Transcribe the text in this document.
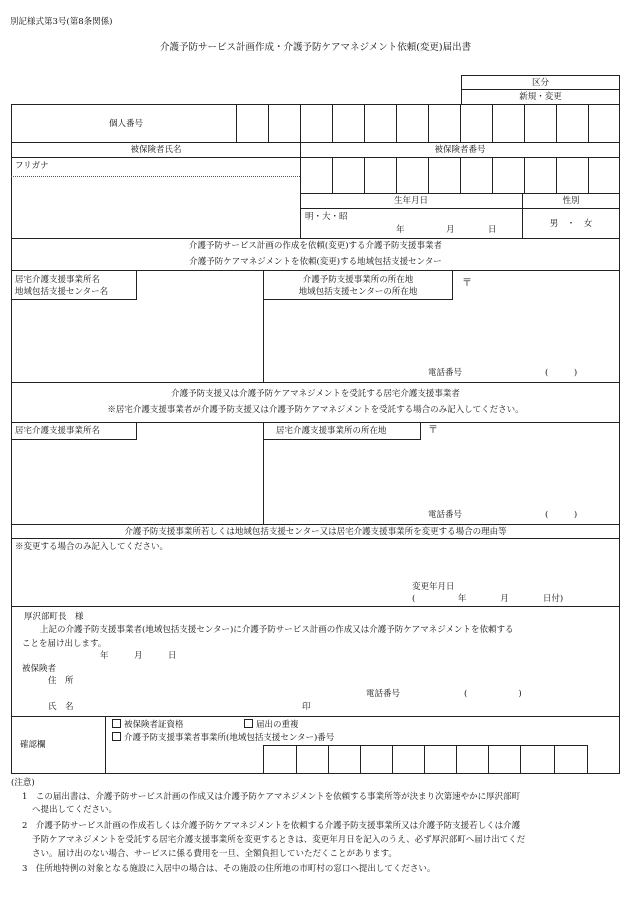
別記様式第3号(第8条関係)
介護予防サービス計画作成・介護予防ケアマネジメント依頼(変更)届出書
区分
新規・変更
個人番号
被保険者氏名	被保険者番号
フリガナ
生年月日	性別
明・大・昭
年	月	日
男　・　女
介護予防サービス計画の作成を依頼(変更)する介護予防支援事業者
介護予防ケアマネジメントを依頼(変更)する地域包括支援センター
居宅介護支援事業所名
地域包括支援センター名
介護予防支援事業所の所在地
地域包括支援センターの所在地
〒
電話番号	(　　　)
介護予防支援又は介護予防ケアマネジメントを受託する居宅介護支援事業者
※居宅介護支援事業者が介護予防支援又は介護予防ケアマネジメントを受託する場合のみ記入してください。
居宅介護支援事業所名	居宅介護支援事業所の所在地	〒
電話番号	(　　　)
介護予防支援事業所若しくは地域包括支援センター又は居宅介護支援事業所を変更する場合の理由等
※変更する場合のみ記入してください。
変更年月日
(　　　　　年　　　　月　　　　日付)
厚沢部町長　様
上記の介護予防支援事業者(地域包括支援センター)に介護予防サービス計画の作成又は介護予防ケアマネジメントを依頼する
ことを届け出します。
年　　　月　　　日
被保険者
住　所
電話番号	(　　　　　　)
氏　名	印
確認欄
被保険者証資格	届出の重複
介護予防支援事業者事業所(地域包括支援センター)番号
(注意)
1　この届出書は、介護予防サービス計画の作成又は介護予防ケアマネジメントを依頼する事業所等が決まり次第速やかに厚沢部町
へ提出してください。
2　介護予防サービス計画の作成若しくは介護予防ケアマネジメントを依頼する介護予防支援事業所又は介護予防支援若しくは介護
予防ケアマネジメントを受託する居宅介護支援事業所を変更するときは、変更年月日を記入のうえ、必ず厚沢部町へ届け出てくだ
さい。届け出のない場合、サービスに係る費用を一旦、全額負担していただくことがあります。
3　住所地特例の対象となる施設に入居中の場合は、その施設の住所地の市町村の窓口へ提出してください。
